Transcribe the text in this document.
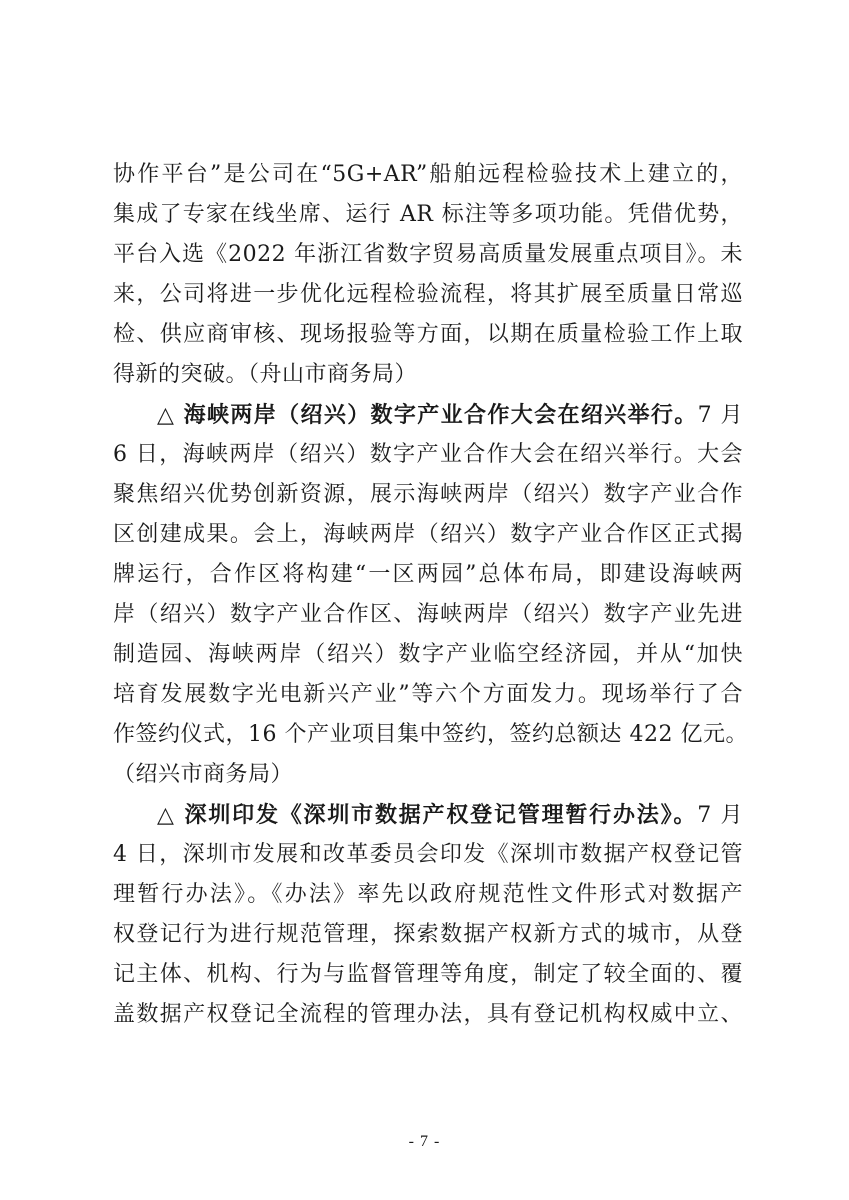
协作平台”是公司在“5G+AR”船舶远程检验技术上建立的，
集成了专家在线坐席、运行 AR 标注等多项功能。凭借优势，
平台入选《2022 年浙江省数字贸易高质量发展重点项目》。未
来，公司将进一步优化远程检验流程，将其扩展至质量日常巡
检、供应商审核、现场报验等方面，以期在质量检验工作上取
得新的突破。（舟山市商务局）
△ 海峡两岸（绍兴）数字产业合作大会在绍兴举行。7 月
6 日，海峡两岸（绍兴）数字产业合作大会在绍兴举行。大会
聚焦绍兴优势创新资源，展示海峡两岸（绍兴）数字产业合作
区创建成果。会上，海峡两岸（绍兴）数字产业合作区正式揭
牌运行，合作区将构建“一区两园”总体布局，即建设海峡两
岸（绍兴）数字产业合作区、海峡两岸（绍兴）数字产业先进
制造园、海峡两岸（绍兴）数字产业临空经济园，并从“加快
培育发展数字光电新兴产业”等六个方面发力。现场举行了合
作签约仪式，16 个产业项目集中签约，签约总额达 422 亿元。
（绍兴市商务局）
△ 深圳印发《深圳市数据产权登记管理暂行办法》。7 月
4 日，深圳市发展和改革委员会印发《深圳市数据产权登记管
理暂行办法》。《办法》率先以政府规范性文件形式对数据产
权登记行为进行规范管理，探索数据产权新方式的城市，从登
记主体、机构、行为与监督管理等角度，制定了较全面的、覆
盖数据产权登记全流程的管理办法，具有登记机构权威中立、
- 7 -
